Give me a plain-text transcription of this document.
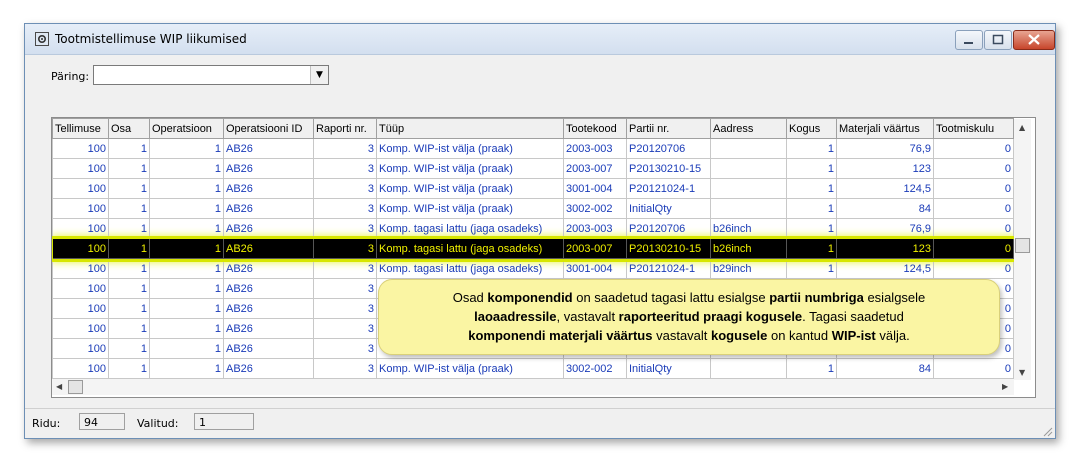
Tootmistellimuse WIP liikumised
Päring:	▼
Tellimuse	Osa	Operatsioon	Operatsiooni ID	Raporti nr.	Tüüp	Tootekood	Partii nr.	Aadress	Kogus	Materjali väärtus	Tootmiskulu
100	1	1	AB26	3	Komp. WIP-ist välja (praak)	2003-003	P20120706		1	76,9	0
100	1	1	AB26	3	Komp. WIP-ist välja (praak)	2003-007	P20130210-15		1	123	0
100	1	1	AB26	3	Komp. WIP-ist välja (praak)	3001-004	P20121024-1		1	124,5	0
100	1	1	AB26	3	Komp. WIP-ist välja (praak)	3002-002	InitialQty		1	84	0
100	1	1	AB26	3	Komp. tagasi lattu (jaga osadeks)	2003-003	P20120706	b26inch	1	76,9	0
100	1	1	AB26	3	Komp. tagasi lattu (jaga osadeks)	2003-007	P20130210-15	b26inch	1	123	0
100	1	1	AB26	3	Komp. tagasi lattu (jaga osadeks)	3001-004	P20121024-1	b29inch	1	124,5	0
100	1	1	AB26	3							0
100	1	1	AB26	3							0
100	1	1	AB26	3							0
100	1	1	AB26	3							0
100	1	1	AB26	3	Komp. WIP-ist välja (praak)	3002-002	InitialQty		1	84	0
▲
▼
◀	▶
Ridu:	94	Valitud:	1
Osad komponendid on saadetud tagasi lattu esialgse partii numbriga esialgsele
laoaadressile, vastavalt raporteeritud praagi kogusele. Tagasi saadetud
komponendi materjali väärtus vastavalt kogusele on kantud WIP-ist välja.
